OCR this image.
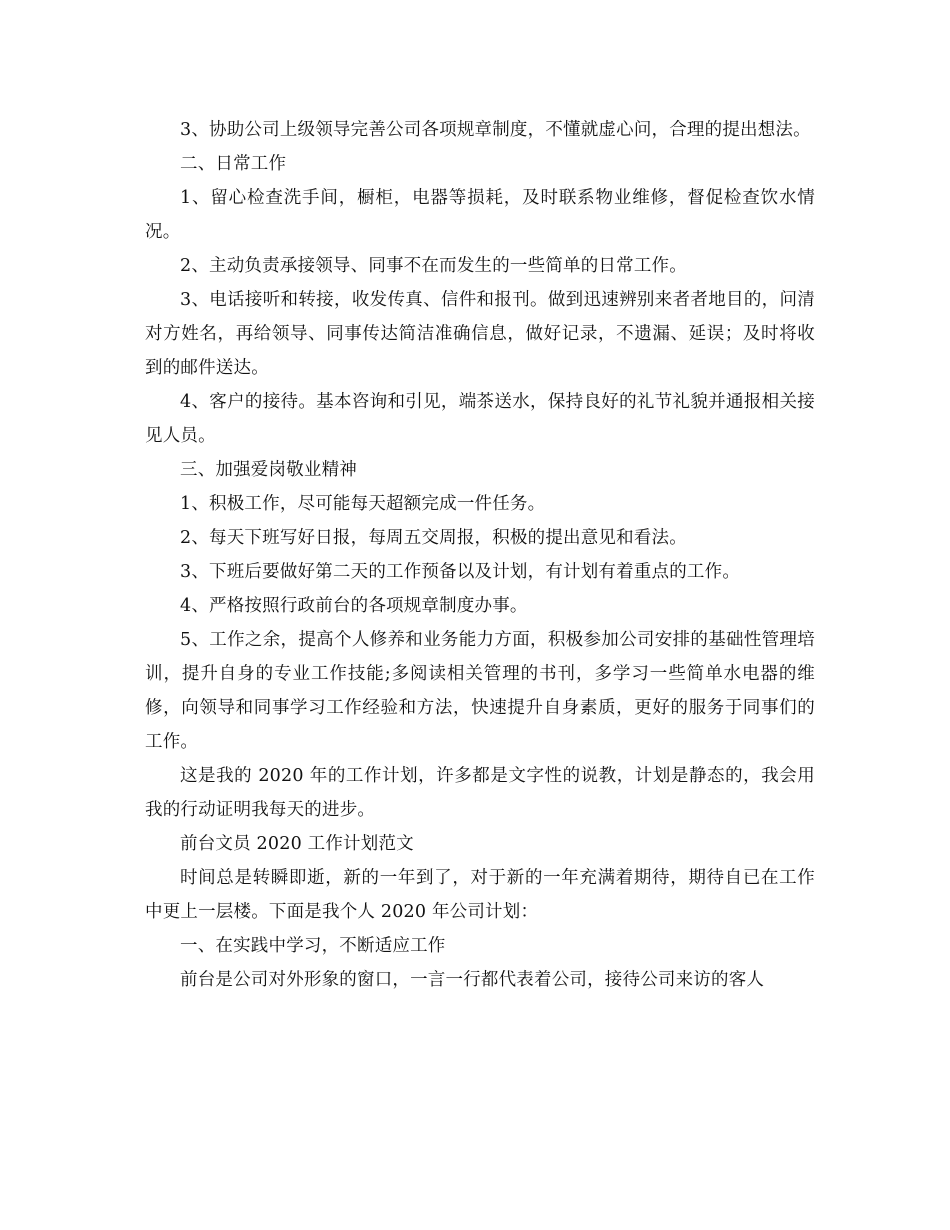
3、协助公司上级领导完善公司各项规章制度，不懂就虚心问，合理的提出想法。

二、日常工作

1、留心检查洗手间，橱柜，电器等损耗，及时联系物业维修，督促检查饮水情况。

2、主动负责承接领导、同事不在而发生的一些简单的日常工作。

3、电话接听和转接，收发传真、信件和报刊。做到迅速辨别来者者地目的，问清对方姓名，再给领导、同事传达简洁准确信息，做好记录，不遗漏、延误；及时将收到的邮件送达。

4、客户的接待。基本咨询和引见，端茶送水，保持良好的礼节礼貌并通报相关接见人员。

三、加强爱岗敬业精神

1、积极工作，尽可能每天超额完成一件任务。

2、每天下班写好日报，每周五交周报，积极的提出意见和看法。

3、下班后要做好第二天的工作预备以及计划，有计划有着重点的工作。

4、严格按照行政前台的各项规章制度办事。

5、工作之余，提高个人修养和业务能力方面，积极参加公司安排的基础性管理培训，提升自身的专业工作技能;多阅读相关管理的书刊，多学习一些简单水电器的维修，向领导和同事学习工作经验和方法，快速提升自身素质，更好的服务于同事们的工作。

这是我的 2020 年的工作计划，许多都是文字性的说教，计划是静态的，我会用我的行动证明我每天的进步。

前台文员 2020 工作计划范文

时间总是转瞬即逝，新的一年到了，对于新的一年充满着期待，期待自已在工作中更上一层楼。下面是我个人 2020 年公司计划：

一、在实践中学习，不断适应工作

前台是公司对外形象的窗口，一言一行都代表着公司，接待公司来访的客人
